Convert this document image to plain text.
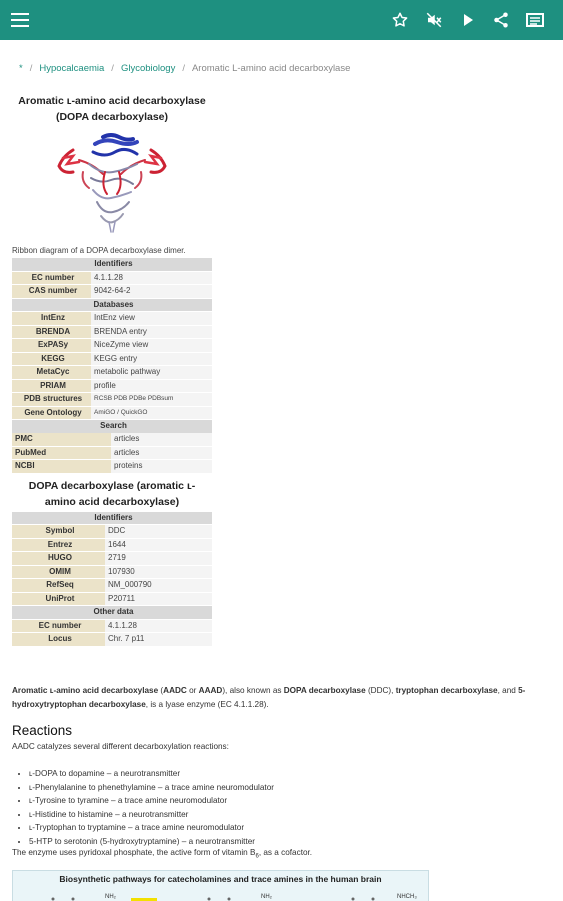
* / Hypocalcaemia / Glycobiology / Aromatic L-amino acid decarboxylase
Aromatic ʟ-amino acid decarboxylase
(DOPA decarboxylase)
Ribbon diagram of a DOPA decarboxylase dimer.
Identifiers	
EC number	4.1.1.28
CAS number	9042-64-2
Databases	
IntEnz	IntEnz view
BRENDA	BRENDA entry
ExPASy	NiceZyme view
KEGG	KEGG entry
MetaCyc	metabolic pathway
PRIAM	profile
PDB structures	RCSB PDB PDBe PDBsum
Gene Ontology	AmiGO / QuickGO
Search	
PMC	articles
PubMed	articles
NCBI	proteins
DOPA decarboxylase (aromatic ʟ-
amino acid decarboxylase)
Identifiers	
Symbol	DDC
Entrez	1644
HUGO	2719
OMIM	107930
RefSeq	NM_000790
UniProt	P20711
Other data	
EC number	4.1.1.28
Locus	Chr. 7 p11
Aromatic ʟ-amino acid decarboxylase (AADC or AAAD), also known as DOPA decarboxylase (DDC), tryptophan decarboxylase, and 5-hydroxytryptophan decarboxylase, is a lyase enzyme (EC 4.1.1.28).
Reactions
AADC catalyzes several different decarboxylation reactions:
• ʟ-DOPA to dopamine – a neurotransmitter
• ʟ-Phenylalanine to phenethylamine – a trace amine neuromodulator
• ʟ-Tyrosine to tyramine – a trace amine neuromodulator
• ʟ-Histidine to histamine – a neurotransmitter
• ʟ-Tryptophan to tryptamine – a trace amine neuromodulator
• 5-HTP to serotonin (5-hydroxytryptamine) – a neurotransmitter
The enzyme uses pyridoxal phosphate, the active form of vitamin $B_6$, as a cofactor.
Biosynthetic pathways for catecholamines and trace amines in the human brain
NH₂	NH₂	NHCH₃
